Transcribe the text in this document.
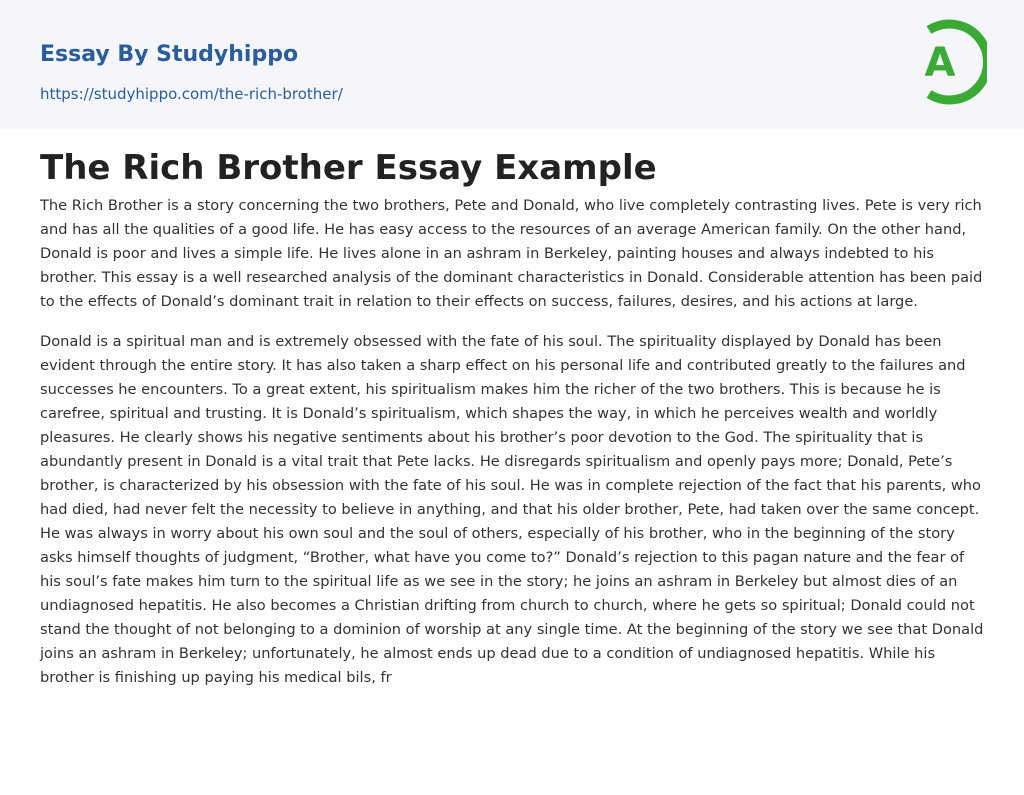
Essay By Studyhippo
https://studyhippo.com/the-rich-brother/
A
The Rich Brother Essay Example

The Rich Brother is a story concerning the two brothers, Pete and Donald, who live completely contrasting lives. Pete is very rich and has all the qualities of a good life. He has easy access to the resources of an average American family. On the other hand, Donald is poor and lives a simple life. He lives alone in an ashram in Berkeley, painting houses and always indebted to his brother. This essay is a well researched analysis of the dominant characteristics in Donald. Considerable attention has been paid to the effects of Donald’s dominant trait in relation to their effects on success, failures, desires, and his actions at large.

Donald is a spiritual man and is extremely obsessed with the fate of his soul. The spirituality displayed by Donald has been evident through the entire story. It has also taken a sharp effect on his personal life and contributed greatly to the failures and successes he encounters. To a great extent, his spiritualism makes him the richer of the two brothers. This is because he is carefree, spiritual and trusting. It is Donald’s spiritualism, which shapes the way, in which he perceives wealth and worldly pleasures. He clearly shows his negative sentiments about his brother’s poor devotion to the God. The spirituality that is abundantly present in Donald is a vital trait that Pete lacks. He disregards spiritualism and openly pays more; Donald, Pete’s brother, is characterized by his obsession with the fate of his soul. He was in complete rejection of the fact that his parents, who had died, had never felt the necessity to believe in anything, and that his older brother, Pete, had taken over the same concept. He was always in worry about his own soul and the soul of others, especially of his brother, who in the beginning of the story asks himself thoughts of judgment, “Brother, what have you come to?” Donald’s rejection to this pagan nature and the fear of his soul’s fate makes him turn to the spiritual life as we see in the story; he joins an ashram in Berkeley but almost dies of an undiagnosed hepatitis. He also becomes a Christian drifting from church to church, where he gets so spiritual; Donald could not stand the thought of not belonging to a dominion of worship at any single time. At the beginning of the story we see that Donald joins an ashram in Berkeley; unfortunately, he almost ends up dead due to a condition of undiagnosed hepatitis. While his brother is finishing up paying his medical bils, fr
